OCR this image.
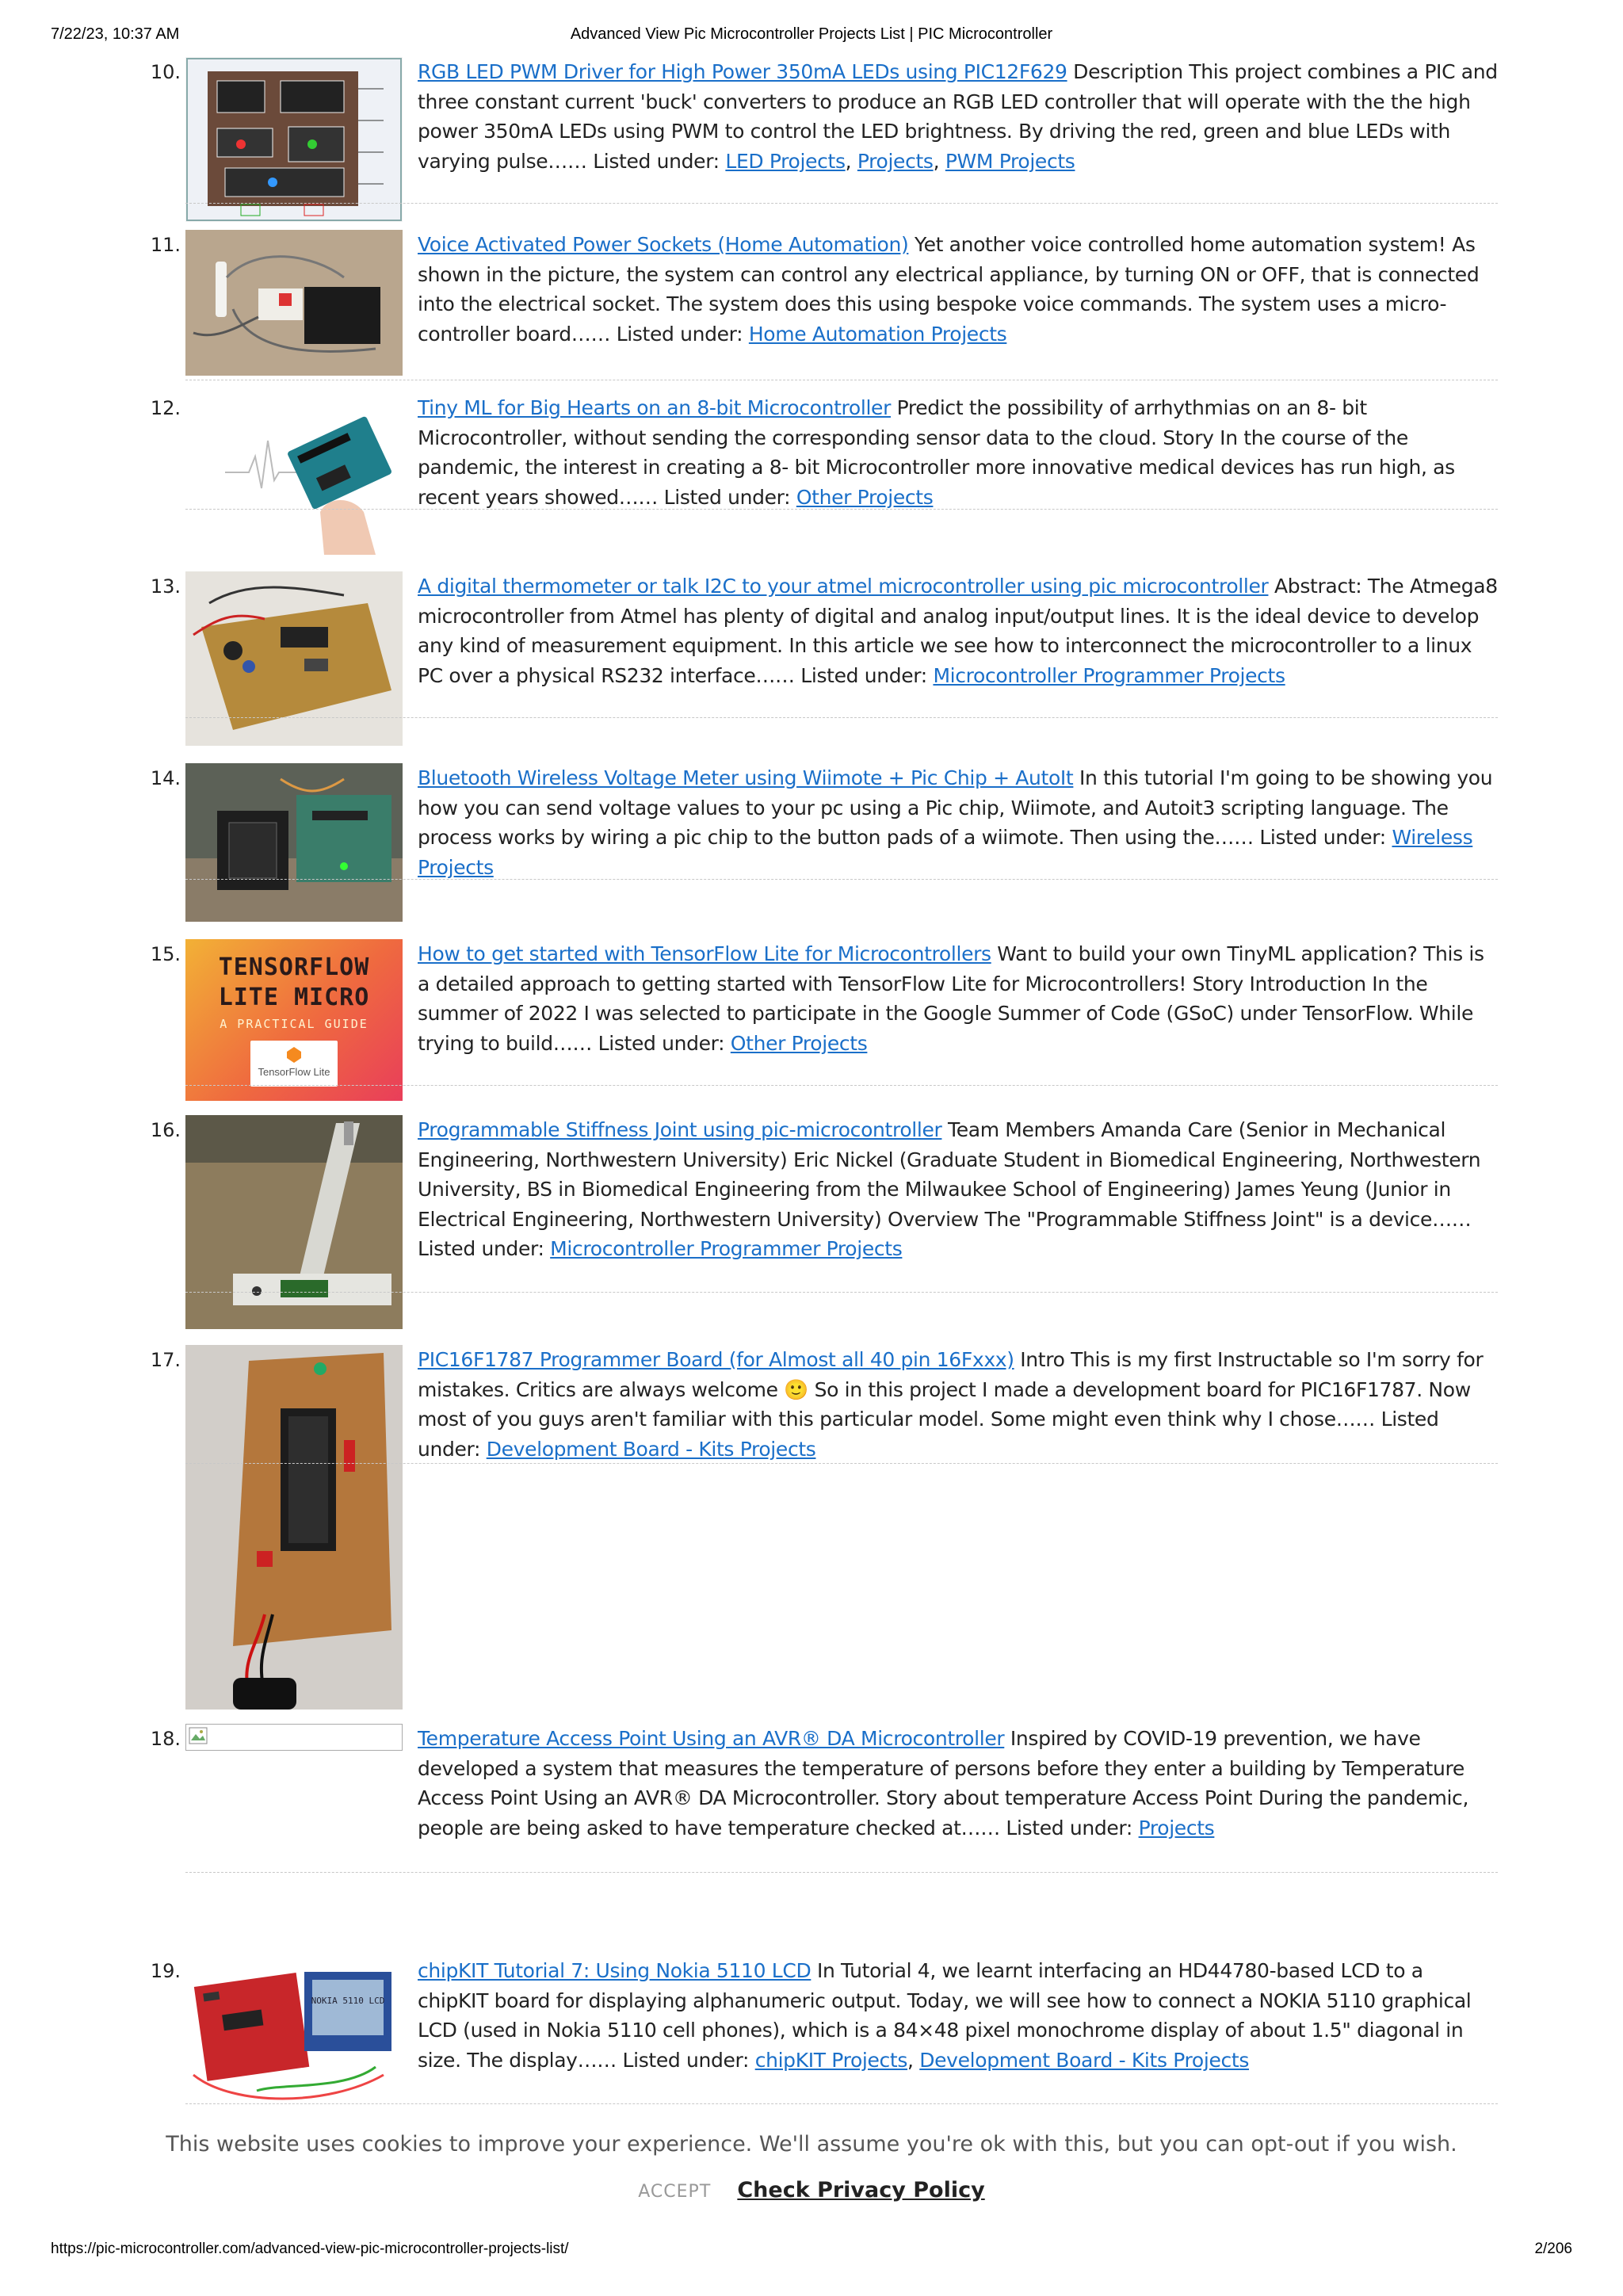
7/22/23, 10:37 AM	Advanced View Pic Microcontroller Projects List | PIC Microcontroller
10.	RGB LED PWM Driver for High Power 350mA LEDs using PIC12F629 Description This project combines a PIC and three constant current 'buck' converters to produce an RGB LED controller that will operate with the the high power 350mA LEDs using PWM to control the LED brightness. By driving the red, green and blue LEDs with varying pulse…… Listed under: LED Projects, Projects, PWM Projects
11.	Voice Activated Power Sockets (Home Automation) Yet another voice controlled home automation system! As shown in the picture, the system can control any electrical appliance, by turning ON or OFF, that is connected into the electrical socket. The system does this using bespoke voice commands. The system uses a micro-controller board…… Listed under: Home Automation Projects
12.	Tiny ML for Big Hearts on an 8-bit Microcontroller Predict the possibility of arrhythmias on an 8- bit Microcontroller, without sending the corresponding sensor data to the cloud. Story In the course of the pandemic, the interest in creating a 8- bit Microcontroller more innovative medical devices has run high, as recent years showed…… Listed under: Other Projects
13.	A digital thermometer or talk I2C to your atmel microcontroller using pic microcontroller Abstract: The Atmega8 microcontroller from Atmel has plenty of digital and analog input/output lines. It is the ideal device to develop any kind of measurement equipment. In this article we see how to interconnect the microcontroller to a linux PC over a physical RS232 interface…… Listed under: Microcontroller Programmer Projects
14.	Bluetooth Wireless Voltage Meter using Wiimote + Pic Chip + AutoIt In this tutorial I'm going to be showing you how you can send voltage values to your pc using a Pic chip, Wiimote, and Autoit3 scripting language. The process works by wiring a pic chip to the button pads of a wiimote. Then using the…… Listed under: Wireless Projects
15.	TENSORFLOW
LITE MICRO
A PRACTICAL GUIDE
TensorFlow Lite
How to get started with TensorFlow Lite for Microcontrollers Want to build your own TinyML application? This is a detailed approach to getting started with TensorFlow Lite for Microcontrollers! Story Introduction In the summer of 2022 I was selected to participate in the Google Summer of Code (GSoC) under TensorFlow. While trying to build…… Listed under: Other Projects
16.	Programmable Stiffness Joint using pic-microcontroller Team Members Amanda Care (Senior in Mechanical Engineering, Northwestern University) Eric Nickel (Graduate Student in Biomedical Engineering, Northwestern University, BS in Biomedical Engineering from the Milwaukee School of Engineering) James Yeung (Junior in Electrical Engineering, Northwestern University) Overview The "Programmable Stiffness Joint" is a device…… Listed under: Microcontroller Programmer Projects
17.	PIC16F1787 Programmer Board (for Almost all 40 pin 16Fxxx) Intro This is my first Instructable so I'm sorry for mistakes. Critics are always welcome 🙂 So in this project I made a development board for PIC16F1787. Now most of you guys aren't familiar with this particular model. Some might even think why I chose…… Listed under: Development Board - Kits Projects
18.	Temperature Access Point Using an AVR® DA Microcontroller Inspired by COVID-19 prevention, we have developed a system that measures the temperature of persons before they enter a building by Temperature Access Point Using an AVR® DA Microcontroller. Story about temperature Access Point During the pandemic, people are being asked to have temperature checked at…… Listed under: Projects
19.
NOKIA 5110 LCD
chipKIT Tutorial 7: Using Nokia 5110 LCD In Tutorial 4, we learnt interfacing an HD44780-based LCD to a chipKIT board for displaying alphanumeric output. Today, we will see how to connect a NOKIA 5110 graphical LCD (used in Nokia 5110 cell phones), which is a 84×48 pixel monochrome display of about 1.5" diagonal in size. The display…… Listed under: chipKIT Projects, Development Board - Kits Projects
This website uses cookies to improve your experience. We'll assume you're ok with this, but you can opt-out if you wish.
ACCEPT Check Privacy Policy
https://pic-microcontroller.com/advanced-view-pic-microcontroller-projects-list/	2/206
